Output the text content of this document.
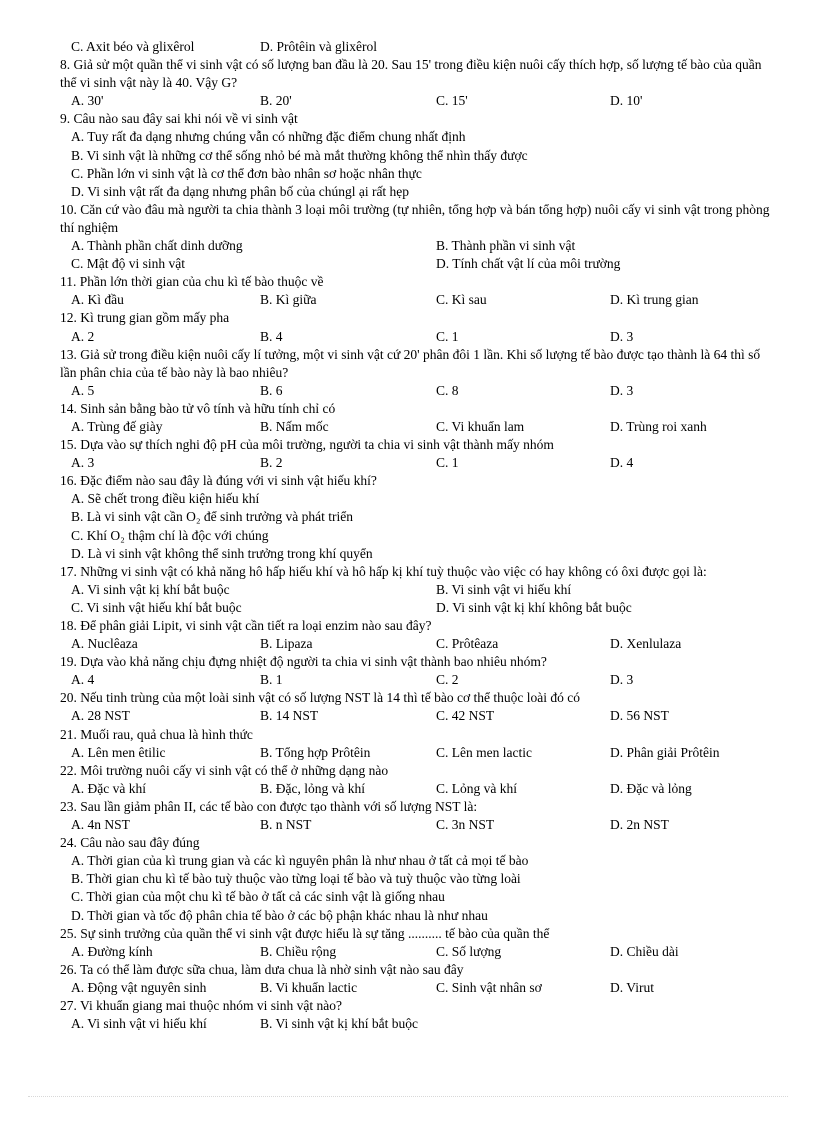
C. Axit béo và glixêrol	D. Prôtêin và glixêrol
8. Giả sử một quần thể vi sinh vật có số lượng ban đầu là 20. Sau 15' trong điều kiện nuôi cấy thích hợp, số lượng tế bào của quần thể vi sinh vật này là 40. Vậy G?
A. 30'	B. 20'	C. 15'	D. 10'
9. Câu nào sau đây sai khi nói về vi sinh vật
A. Tuy rất đa dạng nhưng chúng vẫn có những đặc điểm chung nhất định
B. Vi sinh vật là những cơ thể sống nhỏ bé mà mắt thường không thể nhìn thấy được
C. Phần lớn vi sinh vật là cơ thể đơn bào nhân sơ hoặc nhân thực
D. Vi sinh vật rất đa dạng nhưng phân bố của chúngl ại rất hẹp
10. Căn cứ vào đâu mà người ta chia thành 3 loại môi trường (tự nhiên, tổng hợp và bán tổng hợp) nuôi cấy vi sinh vật trong phòng thí nghiệm
A. Thành phần chất dinh dưỡng	B. Thành phần vi sinh vật
C. Mật độ vi sinh vật	D. Tính chất vật lí của môi trường
11. Phần lớn thời gian của chu kì tế bào thuộc về
A. Kì đầu	B. Kì giữa	C. Kì sau	D. Kì trung gian
12. Kì trung gian gồm mấy pha
A. 2	B. 4	C. 1	D. 3
13. Giả sử trong điều kiện nuôi cấy lí tưởng, một vi sinh vật cứ 20' phân đôi 1 lần. Khi số lượng tế bào được tạo thành là 64 thì số lần phân chia của tế bào này là bao nhiêu?
A. 5	B. 6	C. 8	D. 3
14. Sinh sản bằng bào tử vô tính và hữu tính chỉ có
A. Trùng đế giày	B. Nấm mốc	C. Vi khuẩn lam	D. Trùng roi xanh
15. Dựa vào sự thích nghi độ pH của môi trường, người ta chia vi sinh vật thành mấy nhóm
A. 3	B. 2	C. 1	D. 4
16. Đặc điểm nào sau đây là đúng với vi sinh vật hiếu khí?
A. Sẽ chết trong điều kiện hiếu khí
B. Là vi sinh vật cần O₂ để sinh trưởng và phát triển
C. Khí O₂ thậm chí là độc với chúng
D. Là vi sinh vật không thể sinh trưởng trong khí quyển
17. Những vi sinh vật có khả năng hô hấp hiếu khí và hô hấp kị khí tuỳ thuộc vào việc có hay không có ôxi được gọi là:
A. Vi sinh vật kị khí bắt buộc	B. Vi sinh vật vi hiếu khí
C. Vi sinh vật hiếu khí bắt buộc	D. Vi sinh vật kị khí không bắt buộc
18. Để phân giải Lipit, vi sinh vật cần tiết ra loại enzim nào sau đây?
A. Nuclêaza	B. Lipaza	C. Prôtêaza	D. Xenlulaza
19. Dựa vào khả năng chịu đựng nhiệt độ người ta chia vi sinh vật thành bao nhiêu nhóm?
A. 4	B. 1	C. 2	D. 3
20. Nếu tinh trùng của một loài sinh vật có số lượng NST là 14 thì tế bào cơ thể thuộc loài đó có
A. 28 NST	B. 14 NST	C. 42 NST	D. 56 NST
21. Muối rau, quả chua là hình thức
A. Lên men êtilic	B. Tổng hợp Prôtêin	C. Lên men lactic	D. Phân giải Prôtêin
22. Môi trường nuôi cấy vi sinh vật có thể ở những dạng nào
A. Đặc và khí	B. Đặc, lỏng và khí	C. Lỏng và khí	D. Đặc và lỏng
23. Sau lần giảm phân II, các tế bào con được tạo thành với số lượng NST là:
A. 4n NST	B. n NST	C. 3n NST	D. 2n NST
24. Câu nào sau đây đúng
A. Thời gian của kì trung gian và các kì nguyên phân là như nhau ở tất cả mọi tế bào
B. Thời gian chu kì tế bào tuỳ thuộc vào từng loại tế bào và tuỳ thuộc vào từng loài
C. Thời gian của một chu kì tế bào ở tất cả các sinh vật là giống nhau
D. Thời gian và tốc độ phân chia tế bào ở các bộ phận khác nhau là như nhau
25. Sự sinh trưởng của quần thể vi sinh vật được hiểu là sự tăng .......... tế bào của quần thể
A. Đường kính	B. Chiều rộng	C. Số lượng	D. Chiều dài
26. Ta có thể làm được sữa chua, làm dưa chua là nhờ sinh vật nào sau đây
A. Động vật nguyên sinh	B. Vi khuẩn lactic	C. Sinh vật nhân sơ	D. Virut
27. Vi khuẩn giang mai thuộc nhóm vi sinh vật nào?
A. Vi sinh vật vi hiếu khí	B. Vi sinh vật kị khí bắt buộc
